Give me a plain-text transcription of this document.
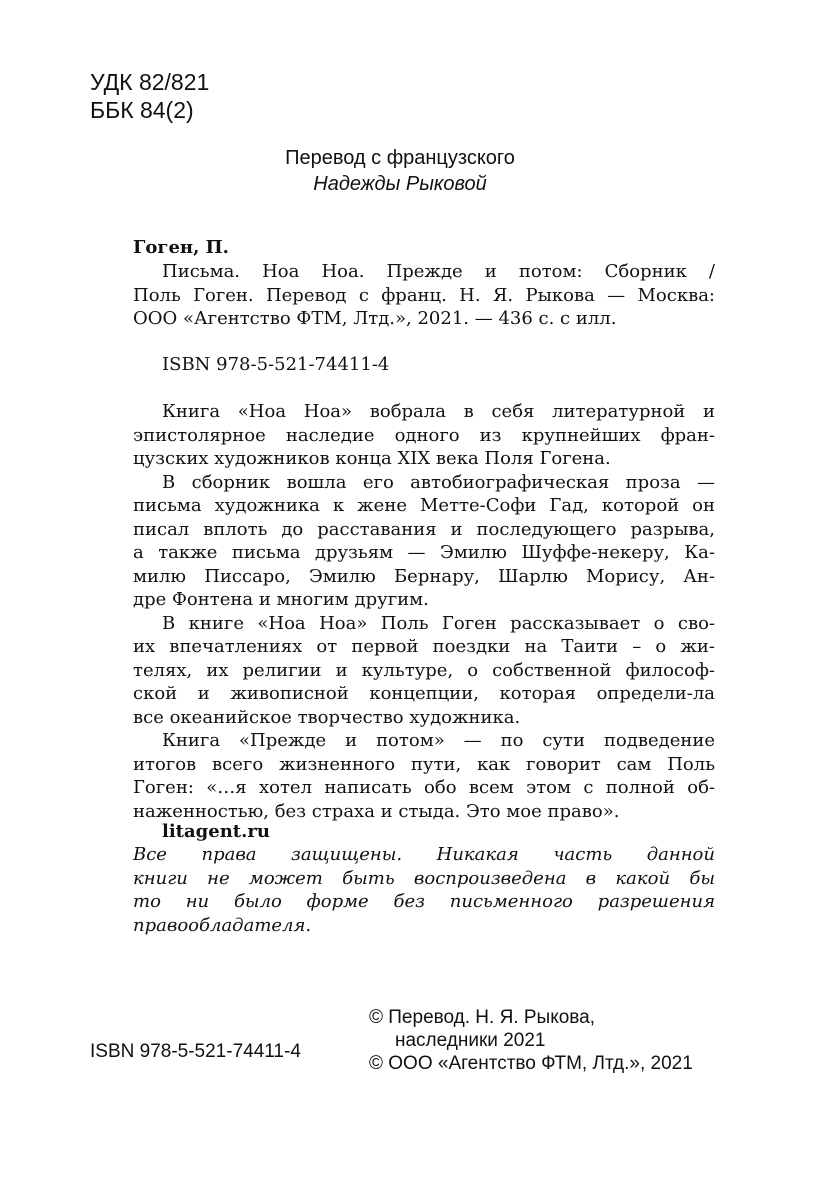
УДК 82/821
ББК 84(2)
Перевод с французского
Надежды Рыковой
Гоген, П.
Письма. Ноа Ноа. Прежде и потом: Сборник /
Поль Гоген. Перевод с франц. Н. Я. Рыкова — Москва:
ООО «Агентство ФТМ, Лтд.», 2021. — 436 с. с илл.
ISBN 978-5-521-74411-4
Книга «Ноа Ноа» вобрала в себя литературной и
эпистолярное наследие одного из крупнейших фран-
цузских художников конца XIX века Поля Гогена.
В сборник вошла его автобиографическая проза —
письма художника к жене Метте-Софи Гад, которой он
писал вплоть до расставания и последующего разрыва,
а также письма друзьям — Эмилю Шуффе-некеру, Ка-
милю Писсаро, Эмилю Бернару, Шарлю Морису, Ан-
дре Фонтена и многим другим.
В книге «Ноа Ноа» Поль Гоген рассказывает о сво-
их впечатлениях от первой поездки на Таити – о жи-
телях, их религии и культуре, о собственной философ-
ской и живописной концепции, которая определи-ла
все океанийское творчество художника.
Книга «Прежде и потом» — по сути подведение
итогов всего жизненного пути, как говорит сам Поль
Гоген: «…я хотел написать обо всем этом с полной об-
наженностью, без страха и стыда. Это мое право».
litagent.ru
Все права защищены. Никакая часть данной
книги не может быть воспроизведена в какой бы
то ни было форме без письменного разрешения
правообладателя.
ISBN 978-5-521-74411-4
© Перевод. Н. Я. Рыкова,
наследники 2021
© ООО «Агентство ФТМ, Лтд.», 2021
